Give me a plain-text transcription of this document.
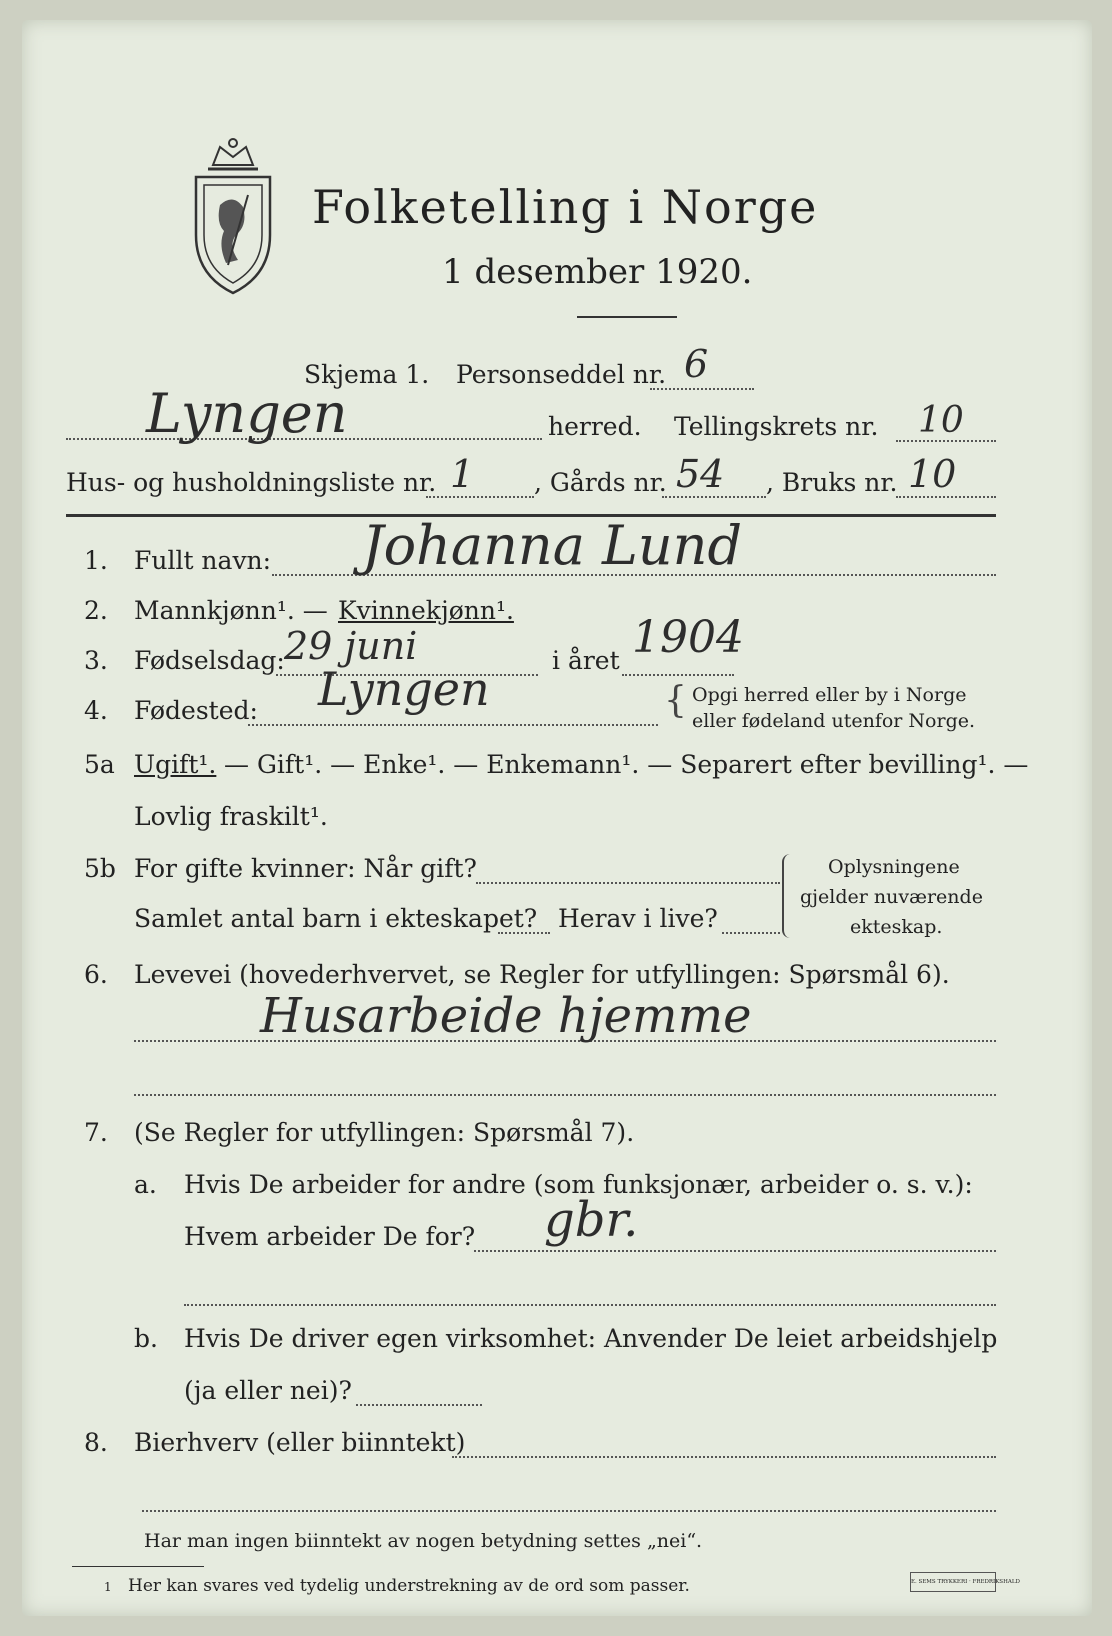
Folketelling i Norge
1 desember 1920.
Skjema 1. Personseddel nr. 6
Lyngen	herred. Tellingskrets nr. 10
Hus- og husholdningsliste nr. 1 , Gårds nr. 54 , Bruks nr. 10
1. Fullt navn: Johanna Lund
2. Mannkjønn¹. — Kvinnekjønn¹.
3. Fødselsdag: 29 juni	i året 1904
4. Fødested: Lyngen	{ Opgi herred eller by i Norge
eller fødeland utenfor Norge.
5a Ugift¹. — Gift¹. — Enke¹. — Enkemann¹. — Separert efter bevilling¹. —
Lovlig fraskilt¹.
5b For gifte kvinner: Når gift?
Samlet antal barn i ekteskapet? Herav i live?
Oplysningene
gjelder nuværende
ekteskap.
6. Levevei (hovederhvervet, se Regler for utfyllingen: Spørsmål 6).
Husarbeide hjemme
7. (Se Regler for utfyllingen: Spørsmål 7).
a. Hvis De arbeider for andre (som funksjonær, arbeider o. s. v.):
Hvem arbeider De for? gbr.
b. Hvis De driver egen virksomhet: Anvender De leiet arbeidshjelp
(ja eller nei)?
8. Bierhverv (eller biinntekt)
Har man ingen biinntekt av nogen betydning settes „nei“.
1 Her kan svares ved tydelig understrekning av de ord som passer.	E. SEMS TRYKKERI · FREDRIKSHALD
